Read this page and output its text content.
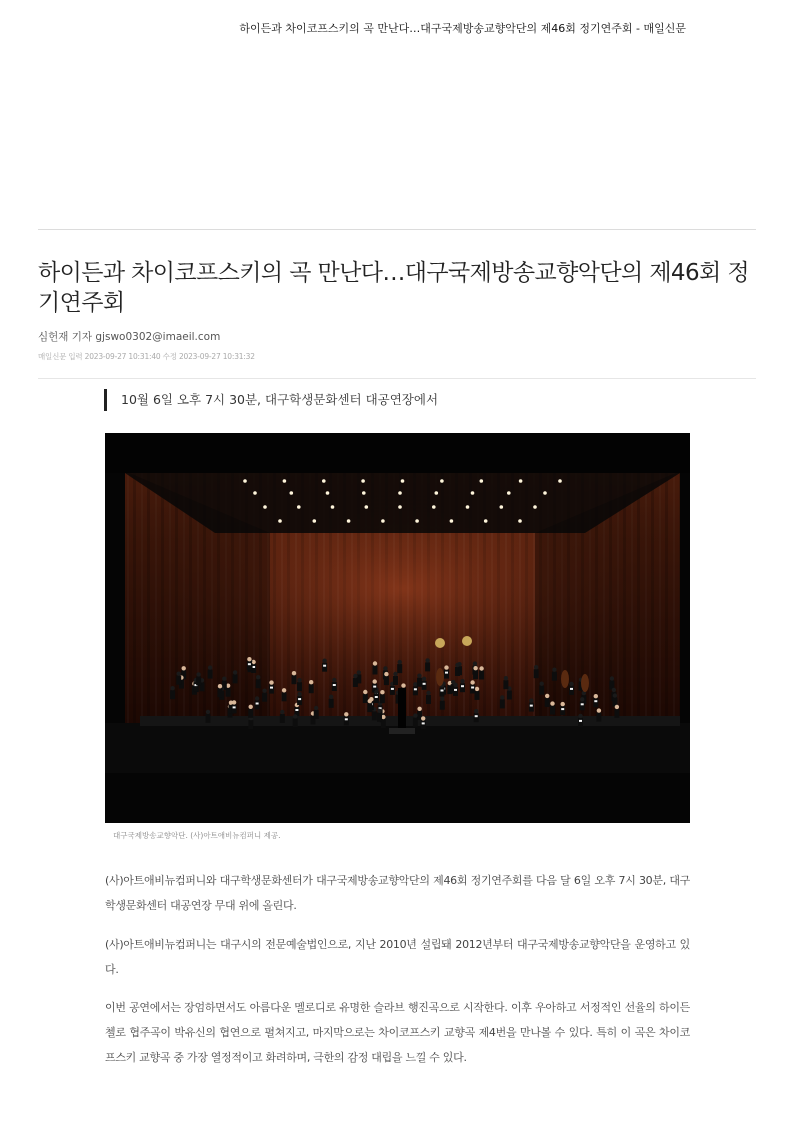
하이든과 차이코프스키의 곡 만난다…대구국제방송교향악단의 제46회 정기연주회 - 매일신문
하이든과 차이코프스키의 곡 만난다…대구국제방송교향악단의 제46회 정기연주회
심헌재 기자 gjswo0302@imaeil.com
매일신문 입력 2023-09-27 10:31:40 수정 2023-09-27 10:31:32
10월 6일 오후 7시 30분, 대구학생문화센터 대공연장에서
대구국제방송교향악단. (사)아트애비뉴컴퍼니 제공.

(사)아트애비뉴컴퍼니와 대구학생문화센터가 대구국제방송교향악단의 제46회 정기연주회를 다음 달 6일 오후 7시 30분, 대구학생문화센터 대공연장 무대 위에 올린다.

(사)아트애비뉴컴퍼니는 대구시의 전문예술법인으로, 지난 2010년 설립돼 2012년부터 대구국제방송교향악단을 운영하고 있다.

이번 공연에서는 장엄하면서도 아름다운 멜로디로 유명한 슬라브 행진곡으로 시작한다. 이후 우아하고 서정적인 선율의 하이든 첼로 협주곡이 박유신의 협연으로 펼쳐지고, 마지막으로는 차이코프스키 교향곡 제4번을 만나볼 수 있다. 특히 이 곡은 차이코프스키 교향곡 중 가장 열정적이고 화려하며, 극한의 감정 대립을 느낄 수 있다.
